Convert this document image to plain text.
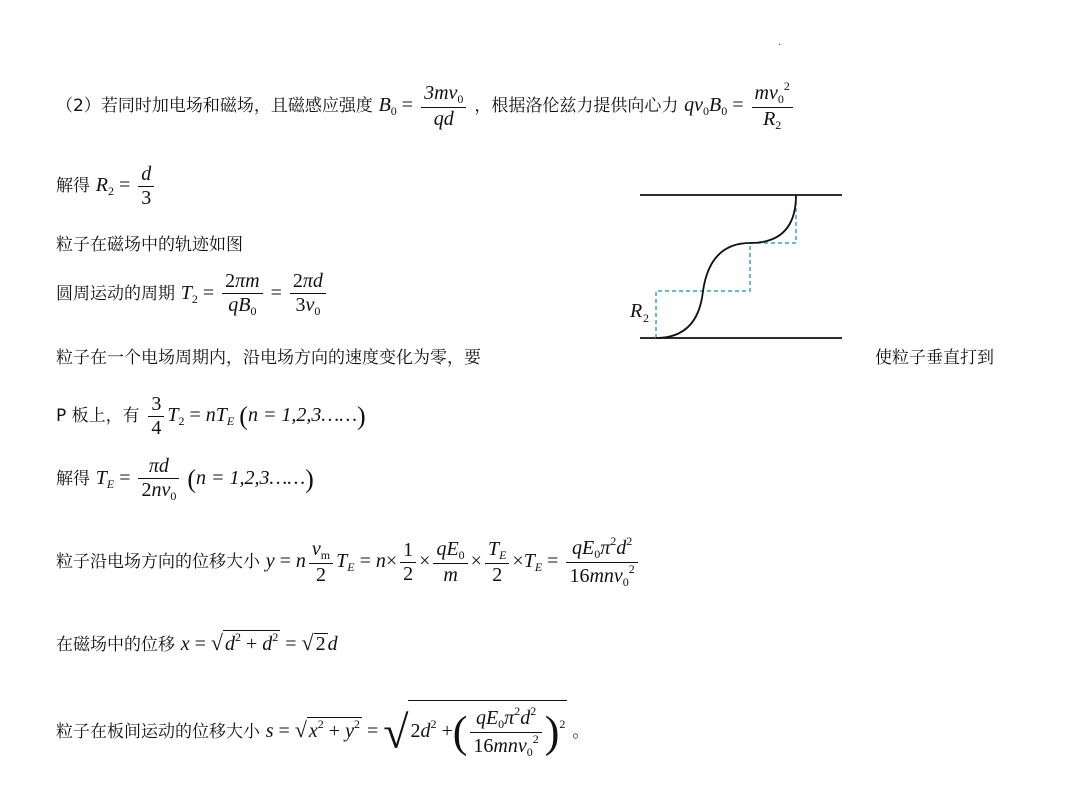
·
（2）若同时加电场和磁场，且磁感应强度 $B_0 = \frac{3mv_0}{qd}$ ，根据洛伦兹力提供向心力 $qv_0B_0 = \frac{mv_0^2}{R_2}$
解得 $R_2 = \frac{d}{3}$
粒子在磁场中的轨迹如图
圆周运动的周期 $T_2 = \frac{2\pi m}{qB_0} = \frac{2\pi d}{3v_0}$
粒子在一个电场周期内，沿电场方向的速度变化为零，要	使粒子垂直打到
P 板上，有 $\frac{3}{4} T_2 = nT_E$ (n = 1,2,3……)
解得 $T_E = \frac{\pi d}{2nv_0} (n$ = 1,2,3……)
粒子沿电场方向的位移大小 y = n $\frac{v_m}{2} T_E = n\times \frac{1}{2} \times \frac{qE_0}{m} \times \frac{T_E}{2} \times T_E = \frac{qE_0\pi^2d^2}{16mnv_0^2}$
在磁场中的位移 x = √ $d^2 + d^2$ = √ 2 d
粒子在板间运动的位移大小 s = √ $x^2 + y^2$ = √ $2d^2$ +( $\frac{qE_0\pi^2d^2}{16mnv_0^2} )^2$ 。
R 2
